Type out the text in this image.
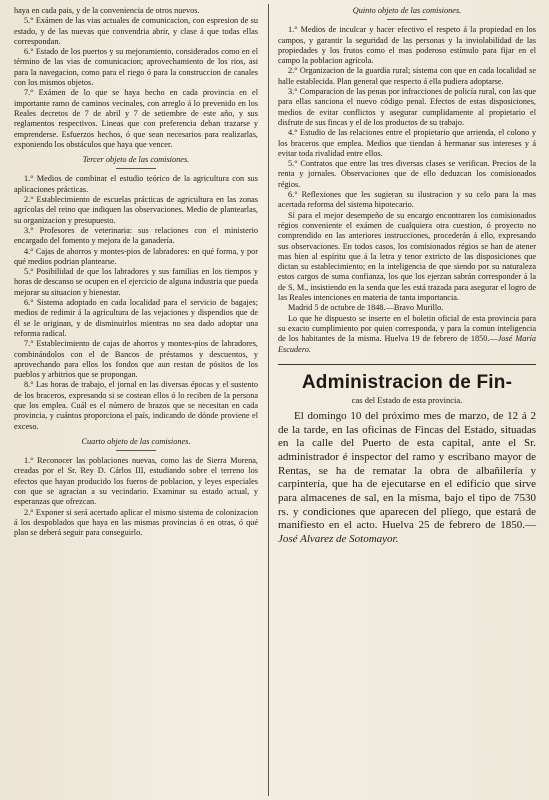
haya en cada pais, y de la conveniencia de otros nuevos.

5.° Exámen de las vias actuales de comunicacion, con espresion de su estado, y de las nuevas que convendria abrir, y clase á que todas ellas correspondan.

6.° Estado de los puertos y su mejoramiento, considerados como en el término de las vias de comunicacion; aprovechamiento de los rios, asi para la navegacion, como para el riego ó para la construccion de canales con los mismos objetos.

7.° Exámen de lo que se haya hecho en cada provincia en el importante ramo de caminos vecinales, con arreglo á lo prevenido en los Reales decretos de 7 de abril y 7 de setiembre de este año, y sus reglamentos respectivos. Lineas que con preferencia deban trazarse y emprenderse. Esfuerzos hechos, ó que sean necesarios para realizarlas, exponiendo los obstáculos que haya que vencer.

Tercer objeto de las comisiones.

1.° Medios de combinar el estudio teórico de la agricultura con sus aplicaciones prácticas.

2.° Establecimiento de escuelas prácticas de agricultura en las zonas agrícolas del reino que indiquen las observaciones. Medio de plantearlas, su organizacion y presupuesto.

3.° Profesores de veterinaria: sus relaciones con el ministerio encargado del fomento y mejora de la ganadería.

4.° Cajas de ahorros y montes-pios de labradores: en qué forma, y por qué medios podrian plantearse.

5.° Posibilidad de que los labradores y sus familias en los tiempos y horas de descanso se ocupen en el ejercicio de alguna industria que pueda mejorar su situacion y bienestar.

6.° Sistema adoptado en cada localidad para el servicio de bagajes; medios de redimir á la agricultura de las vejaciones y dispendios que de él se le originan, y de disminuirlos mientras no sea dado adoptar una reforma radical.

7.° Establecimiento de cajas de ahorros y montes-pios de labradores, combinándolos con el de Bancos de préstamos y descuentos, y aprovechando para ellos los fondos que aun restan de pósitos de los pueblos y arbitrios que se propongan.

8.° Las horas de trabajo, el jornal en las diversas épocas y el sustento de los braceros, expresando si se costean ellos ó lo reciben de la persona que los emplea. Cuál es el número de brazos que se necesitan en cada provincia, y cuántos proporciona el país, indicando de dónde proviene el exceso.

Cuarto objeto de las comisiones.

1.° Reconocer las poblaciones nuevas, como las de Sierra Morena, creadas por el Sr. Rey D. Cárlos III, estudiando sobre el terreno los efectos que hayan producido los fueros de poblacion, y leyes especiales con que se agracian a su vecindario. Examinar su estado actual, y esperanzas que ofrezcan.

2.° Exponer si será acertado aplicar el mismo sistema de colonizacion á los despoblados que haya en las mismas provincias ó en otras, ó qué plan se deberá seguir para conseguirlo.

Quinto objeto de las comisiones.

1.° Medios de inculcar y hacer efectivo el respeto á la propiedad en los campos, y garantir la seguridad de las personas y la inviolabilidad de las propiedades y los frutos como el mas poderoso estímulo para fijar en el campo la poblacion agrícola.

2.° Organizacion de la guardia rural; sistema con que en cada localidad se halle establecida. Plan general que respecto á ella pudiera adoptarse.

3.° Comparacion de las penas por infracciones de policía rural, con las que para ellas sanciona el nuevo código penal. Efectos de estas disposiciones, medios de evitar conflictos y asegurar cumplidamente al propietario el disfrute de sus fincas y el de los productos de su trabajo.

4.° Estudio de las relaciones entre el propietario que arrienda, el colono y los braceros que emplea. Medios que tiendan á hermanar sus intereses y á evitar toda rivalidad entre ellos.

5.° Contratos que entre las tres diversas clases se verifican. Precios de la renta y jornales. Observaciones que de ello deduzcan los comisionados régios.

6.° Reflexiones que les sugieran su ilustracion y su celo para la mas acertada reforma del sistema hipotecario.

Si para el mejor desempeño de su encargo encontraren los comisionados régios conveniente el exámen de cualquiera otra cuestion, ó proyecto no comprendido en las anteriores instrucciones, procederán á ello, expresando sus observaciones. En todos casos, los comisionados régios se han de atener mas bien al espíritu que á la letra y tenor extricto de las disposiciones que dictan su establecimiento; en la inteligencia de que siendo por su naturaleza estos cargos de suma confianza, los que los ejerzan sabrán corresponder á la de S. M., insistiendo en la senda que les está trazada para asegurar el logro de las Reales intenciones en materia de tanta importancia.

Madrid 5 de octubre de 1848.—Bravo Murillo.

Lo que he dispuesto se inserte en el boletin oficial de esta provincia para su exacto cumplimiento por quien corresponda, y para la comun inteligencia de los habitantes de la misma. Huelva 19 de febrero de 1850.—José María Escudero.

Administracion de Fin-
cas del Estado de esta provincia.

El domingo 10 del próximo mes de marzo, de 12 á 2 de la tarde, en las oficinas de Fincas del Estado, situadas en la calle del Puerto de esta capital, ante el Sr. administrador é inspector del ramo y escribano mayor de Rentas, se ha de rematar la obra de albañilería y carpintería, que ha de ejecutarse en el edificio que sirve para almacenes de sal, en la misma, bajo el tipo de 7530 rs. y condiciones que aparecen del pliego, que estará de manifiesto en el acto. Huelva 25 de febrero de 1850.—José Alvarez de Sotomayor.
